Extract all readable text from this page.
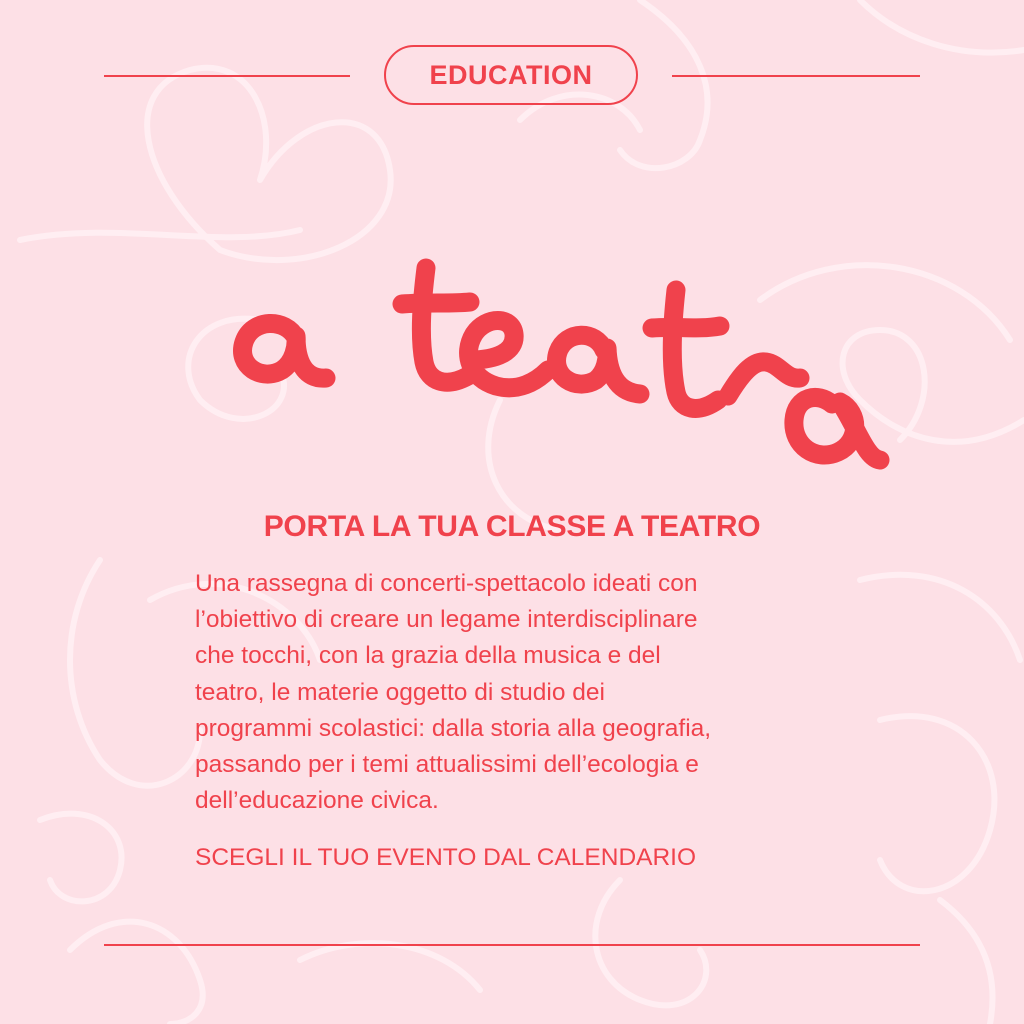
EDUCATION
PORTA LA TUA CLASSE A TEATRO
Una rassegna di concerti-spettacolo ideati con
l’obiettivo di creare un legame interdisciplinare
che tocchi, con la grazia della musica e del
teatro, le materie oggetto di studio dei
programmi scolastici: dalla storia alla geografia,
passando per i temi attualissimi dell’ecologia e
dell’educazione civica.
SCEGLI IL TUO EVENTO DAL CALENDARIO
